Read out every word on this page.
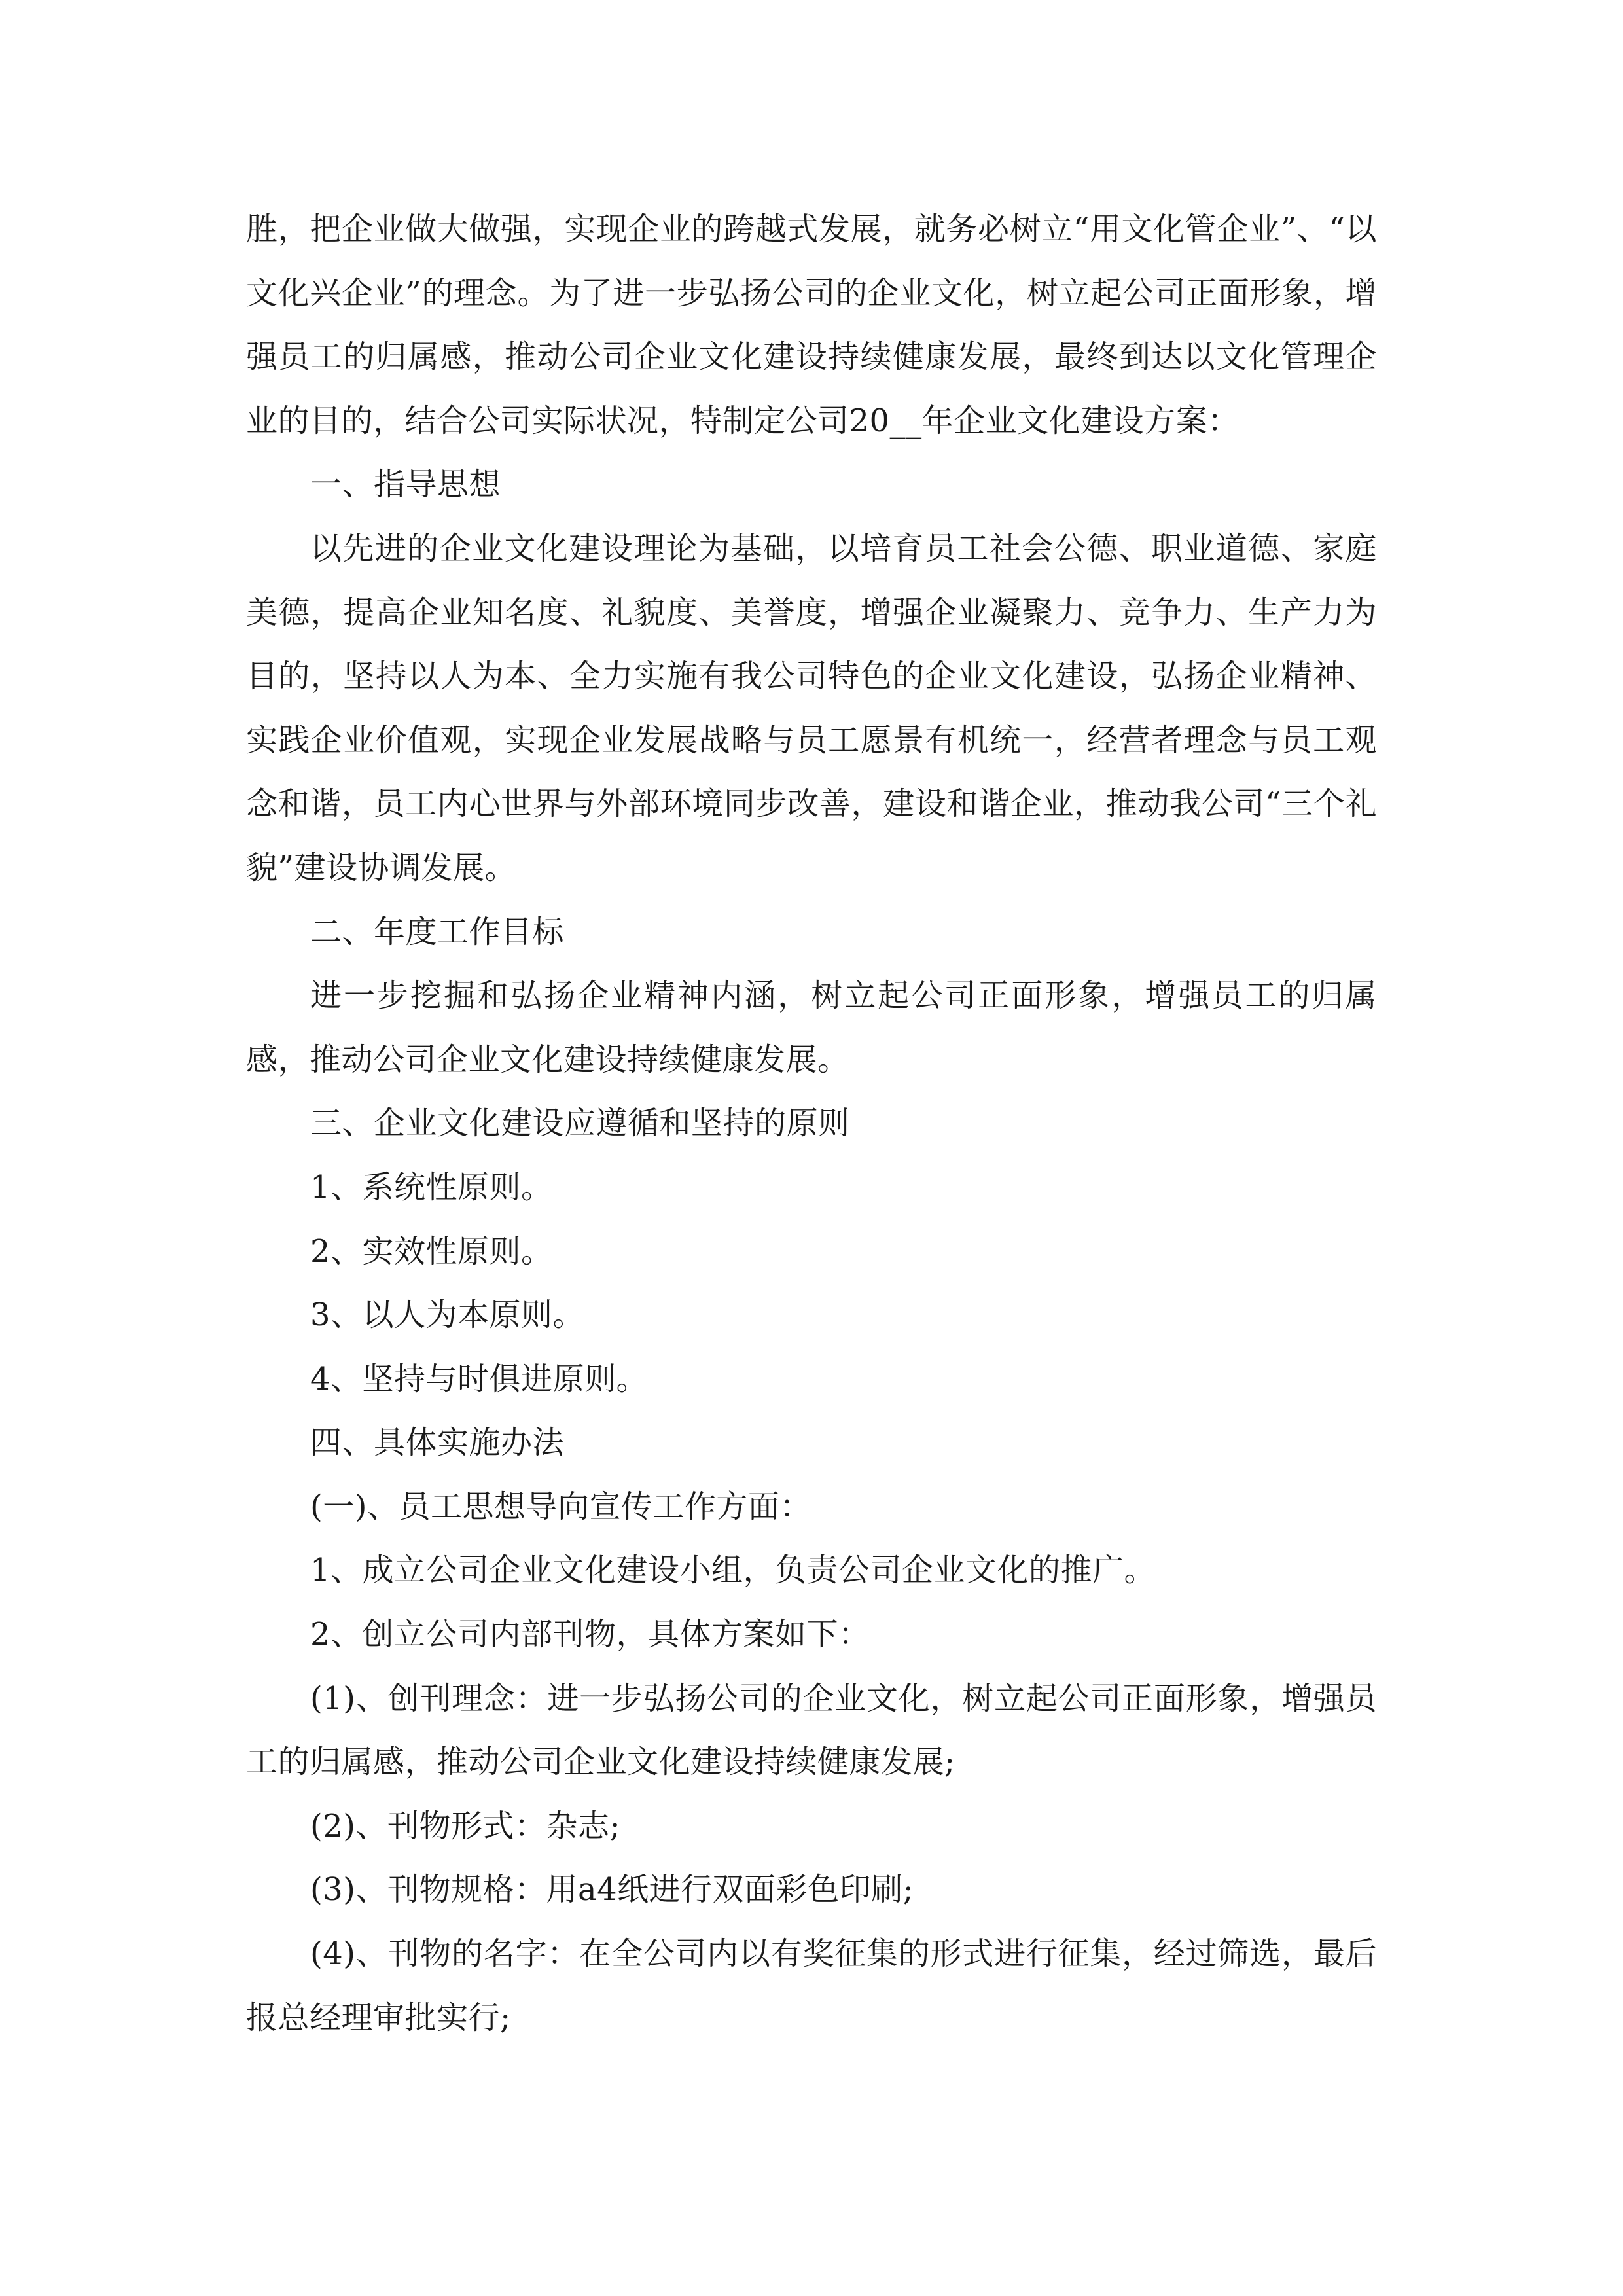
胜，把企业做大做强，实现企业的跨越式发展，就务必树立“用文化管企业”、“以文化兴企业”的理念。为了进一步弘扬公司的企业文化，树立起公司正面形象，增强员工的归属感，推动公司企业文化建设持续健康发展，最终到达以文化管理企业的目的，结合公司实际状况，特制定公司20__年企业文化建设方案：

一、指导思想

以先进的企业文化建设理论为基础，以培育员工社会公德、职业道德、家庭美德，提高企业知名度、礼貌度、美誉度，增强企业凝聚力、竞争力、生产力为目的，坚持以人为本、全力实施有我公司特色的企业文化建设，弘扬企业精神、实践企业价值观，实现企业发展战略与员工愿景有机统一，经营者理念与员工观念和谐，员工内心世界与外部环境同步改善，建设和谐企业，推动我公司“三个礼貌”建设协调发展。

二、年度工作目标

进一步挖掘和弘扬企业精神内涵，树立起公司正面形象，增强员工的归属感，推动公司企业文化建设持续健康发展。

三、企业文化建设应遵循和坚持的原则

1、系统性原则。

2、实效性原则。

3、以人为本原则。

4、坚持与时俱进原则。

四、具体实施办法

(一)、员工思想导向宣传工作方面：

1、成立公司企业文化建设小组，负责公司企业文化的推广。

2、创立公司内部刊物，具体方案如下：

(1)、创刊理念：进一步弘扬公司的企业文化，树立起公司正面形象，增强员工的归属感，推动公司企业文化建设持续健康发展;

(2)、刊物形式：杂志;

(3)、刊物规格：用a4纸进行双面彩色印刷;

(4)、刊物的名字：在全公司内以有奖征集的形式进行征集，经过筛选，最后报总经理审批实行;
